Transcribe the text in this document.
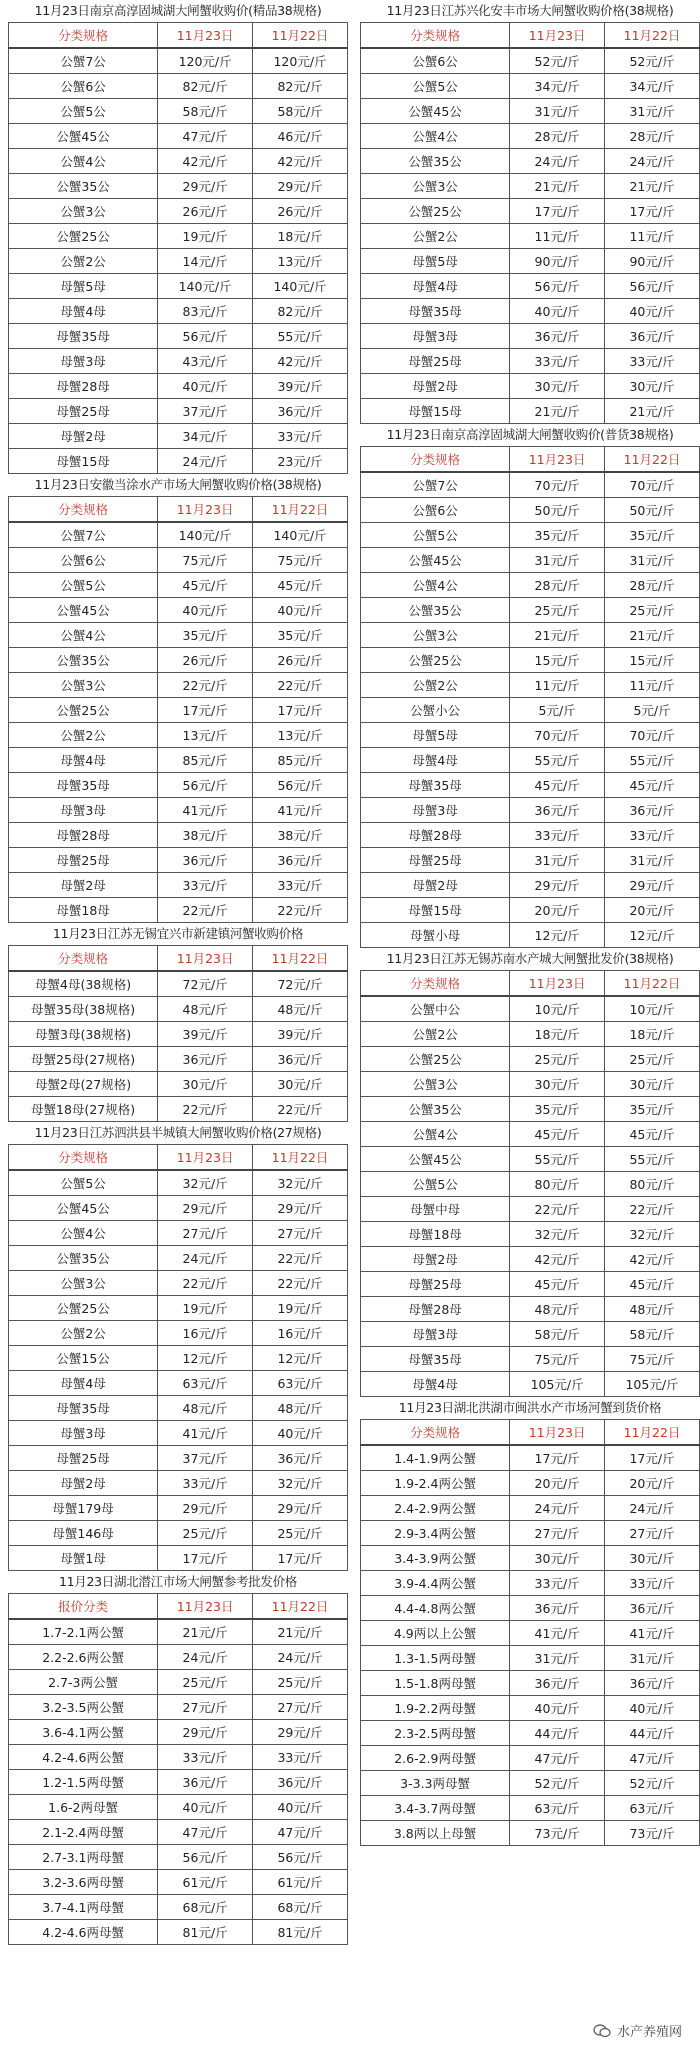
11月23日南京高淳固城湖大闸蟹收购价(精品38规格)
分类规格	11月23日	11月22日
公蟹7公	120元/斤	120元/斤
公蟹6公	82元/斤	82元/斤
公蟹5公	58元/斤	58元/斤
公蟹45公	47元/斤	46元/斤
公蟹4公	42元/斤	42元/斤
公蟹35公	29元/斤	29元/斤
公蟹3公	26元/斤	26元/斤
公蟹25公	19元/斤	18元/斤
公蟹2公	14元/斤	13元/斤
母蟹5母	140元/斤	140元/斤
母蟹4母	83元/斤	82元/斤
母蟹35母	56元/斤	55元/斤
母蟹3母	43元/斤	42元/斤
母蟹28母	40元/斤	39元/斤
母蟹25母	37元/斤	36元/斤
母蟹2母	34元/斤	33元/斤
母蟹15母	24元/斤	23元/斤
11月23日安徽当涂水产市场大闸蟹收购价格(38规格)
分类规格	11月23日	11月22日
公蟹7公	140元/斤	140元/斤
公蟹6公	75元/斤	75元/斤
公蟹5公	45元/斤	45元/斤
公蟹45公	40元/斤	40元/斤
公蟹4公	35元/斤	35元/斤
公蟹35公	26元/斤	26元/斤
公蟹3公	22元/斤	22元/斤
公蟹25公	17元/斤	17元/斤
公蟹2公	13元/斤	13元/斤
母蟹4母	85元/斤	85元/斤
母蟹35母	56元/斤	56元/斤
母蟹3母	41元/斤	41元/斤
母蟹28母	38元/斤	38元/斤
母蟹25母	36元/斤	36元/斤
母蟹2母	33元/斤	33元/斤
母蟹18母	22元/斤	22元/斤
11月23日江苏无锡宜兴市新建镇河蟹收购价格
分类规格	11月23日	11月22日
母蟹4母(38规格)	72元/斤	72元/斤
母蟹35母(38规格)	48元/斤	48元/斤
母蟹3母(38规格)	39元/斤	39元/斤
母蟹25母(27规格)	36元/斤	36元/斤
母蟹2母(27规格)	30元/斤	30元/斤
母蟹18母(27规格)	22元/斤	22元/斤
11月23日江苏泗洪县半城镇大闸蟹收购价格(27规格)
分类规格	11月23日	11月22日
公蟹5公	32元/斤	32元/斤
公蟹45公	29元/斤	29元/斤
公蟹4公	27元/斤	27元/斤
公蟹35公	24元/斤	22元/斤
公蟹3公	22元/斤	22元/斤
公蟹25公	19元/斤	19元/斤
公蟹2公	16元/斤	16元/斤
公蟹15公	12元/斤	12元/斤
母蟹4母	63元/斤	63元/斤
母蟹35母	48元/斤	48元/斤
母蟹3母	41元/斤	40元/斤
母蟹25母	37元/斤	36元/斤
母蟹2母	33元/斤	32元/斤
母蟹179母	29元/斤	29元/斤
母蟹146母	25元/斤	25元/斤
母蟹1母	17元/斤	17元/斤
11月23日湖北潜江市场大闸蟹参考批发价格
报价分类	11月23日	11月22日
1.7-2.1两公蟹	21元/斤	21元/斤
2.2-2.6两公蟹	24元/斤	24元/斤
2.7-3两公蟹	25元/斤	25元/斤
3.2-3.5两公蟹	27元/斤	27元/斤
3.6-4.1两公蟹	29元/斤	29元/斤
4.2-4.6两公蟹	33元/斤	33元/斤
1.2-1.5两母蟹	36元/斤	36元/斤
1.6-2两母蟹	40元/斤	40元/斤
2.1-2.4两母蟹	47元/斤	47元/斤
2.7-3.1两母蟹	56元/斤	56元/斤
3.2-3.6两母蟹	61元/斤	61元/斤
3.7-4.1两母蟹	68元/斤	68元/斤
4.2-4.6两母蟹	81元/斤	81元/斤
11月23日江苏兴化安丰市场大闸蟹收购价格(38规格)
分类规格	11月23日	11月22日
公蟹6公	52元/斤	52元/斤
公蟹5公	34元/斤	34元/斤
公蟹45公	31元/斤	31元/斤
公蟹4公	28元/斤	28元/斤
公蟹35公	24元/斤	24元/斤
公蟹3公	21元/斤	21元/斤
公蟹25公	17元/斤	17元/斤
公蟹2公	11元/斤	11元/斤
母蟹5母	90元/斤	90元/斤
母蟹4母	56元/斤	56元/斤
母蟹35母	40元/斤	40元/斤
母蟹3母	36元/斤	36元/斤
母蟹25母	33元/斤	33元/斤
母蟹2母	30元/斤	30元/斤
母蟹15母	21元/斤	21元/斤
11月23日南京高淳固城湖大闸蟹收购价(普货38规格)
分类规格	11月23日	11月22日
公蟹7公	70元/斤	70元/斤
公蟹6公	50元/斤	50元/斤
公蟹5公	35元/斤	35元/斤
公蟹45公	31元/斤	31元/斤
公蟹4公	28元/斤	28元/斤
公蟹35公	25元/斤	25元/斤
公蟹3公	21元/斤	21元/斤
公蟹25公	15元/斤	15元/斤
公蟹2公	11元/斤	11元/斤
公蟹小公	5元/斤	5元/斤
母蟹5母	70元/斤	70元/斤
母蟹4母	55元/斤	55元/斤
母蟹35母	45元/斤	45元/斤
母蟹3母	36元/斤	36元/斤
母蟹28母	33元/斤	33元/斤
母蟹25母	31元/斤	31元/斤
母蟹2母	29元/斤	29元/斤
母蟹15母	20元/斤	20元/斤
母蟹小母	12元/斤	12元/斤
11月23日江苏无锡苏南水产城大闸蟹批发价(38规格)
分类规格	11月23日	11月22日
公蟹中公	10元/斤	10元/斤
公蟹2公	18元/斤	18元/斤
公蟹25公	25元/斤	25元/斤
公蟹3公	30元/斤	30元/斤
公蟹35公	35元/斤	35元/斤
公蟹4公	45元/斤	45元/斤
公蟹45公	55元/斤	55元/斤
公蟹5公	80元/斤	80元/斤
母蟹中母	22元/斤	22元/斤
母蟹18母	32元/斤	32元/斤
母蟹2母	42元/斤	42元/斤
母蟹25母	45元/斤	45元/斤
母蟹28母	48元/斤	48元/斤
母蟹3母	58元/斤	58元/斤
母蟹35母	75元/斤	75元/斤
母蟹4母	105元/斤	105元/斤
11月23日湖北洪湖市闽洪水产市场河蟹到货价格
分类规格	11月23日	11月22日
1.4-1.9两公蟹	17元/斤	17元/斤
1.9-2.4两公蟹	20元/斤	20元/斤
2.4-2.9两公蟹	24元/斤	24元/斤
2.9-3.4两公蟹	27元/斤	27元/斤
3.4-3.9两公蟹	30元/斤	30元/斤
3.9-4.4两公蟹	33元/斤	33元/斤
4.4-4.8两公蟹	36元/斤	36元/斤
4.9两以上公蟹	41元/斤	41元/斤
1.3-1.5两母蟹	31元/斤	31元/斤
1.5-1.8两母蟹	36元/斤	36元/斤
1.9-2.2两母蟹	40元/斤	40元/斤
2.3-2.5两母蟹	44元/斤	44元/斤
2.6-2.9两母蟹	47元/斤	47元/斤
3-3.3两母蟹	52元/斤	52元/斤
3.4-3.7两母蟹	63元/斤	63元/斤
3.8两以上母蟹	73元/斤	73元/斤
水产养殖网
